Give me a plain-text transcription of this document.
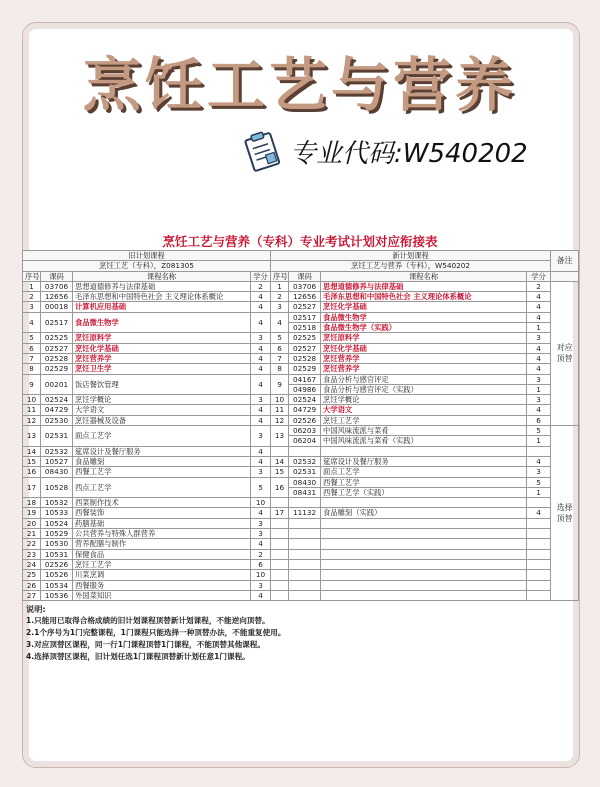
烹饪工艺与营养
专业代码:W540202
烹饪工艺与营养（专科）专业考试计划对应衔接表
旧计划课程				新计划课程				备注
烹饪工艺（专科），Z081305				烹饪工艺与营养（专科），W540202				
序号	课码	课程名称	学分	序号	课码	课程名称	学分	
1	03706	思想道德修养与法律基础	2	1	03706	思想道德修养与法律基础	2	对应顶替
2	12656	毛泽东思想和中国特色社会 主义理论体系概论	4	2	12656	毛泽东思想和中国特色社会 主义理论体系概论	4	
3	00018	计算机应用基础	4	3	02527	烹饪化学基础	4	
4	02517	食品微生物学	4	4	02517	食品微生物学	4	
					02518	食品微生物学（实践）	1	
5	02525	烹饪原料学	3	5	02525	烹饪原料学	3	
6	02527	烹饪化学基础	4	6	02527	烹饪化学基础	4	
7	02528	烹饪营养学	4	7	02528	烹饪营养学	4	
8	02529	烹饪卫生学	4	8	02529	烹饪营养学	4	
9	00201	饭店餐饮管理	4	9	04167	食品分析与感官评定	3	
					04986	食品分析与感官评定（实践）	1	
10	02524	烹饪学概论	3	10	02524	烹饪学概论	3	
11	04729	大学语文	4	11	04729	大学语文	4	
12	02530	烹饪器械及设备	4	12	02526	烹饪工艺学	6	
13	02531	面点工艺学	3	13	06203	中国风味流派与菜肴	5	选择顶替
					06204	中国风味流派与菜肴（实践）	1	
14	02532	筵席设计及餐厅服务	4					
15	10527	食品雕刻	4	14	02532	筵席设计及餐厅服务	4	
16	08430	西餐工艺学	3	15	02531	面点工艺学	3	
17	10528	西点工艺学	5	16	08430	西餐工艺学	5	
					08431	西餐工艺学（实践）	1	
18	10532	西菜制作技术	10					
19	10533	西餐装饰	4	17	11132	食品雕刻（实践）	4	
20	10524	药膳基础	3					
21	10529	公共营养与特殊人群营养	3					
22	10530	营养配膳与制作	4					
23	10531	保健食品	2					
24	02526	烹饪工艺学	6					
25	10526	川菜烹调	10					
26	10534	西餐服务	3					
27	10536	外国菜知识	4					
说明:
1.只能用已取得合格成绩的旧计划课程顶替新计划课程，不能逆向顶替。
2.1个序号为1门完整课程，1门课程只能选择一种顶替办法，不能重复使用。
3.对应顶替区课程，同一行1门课程顶替1门课程，不能顶替其他课程。
4.选择顶替区课程，旧计划任选1门课程顶替新计划任意1门课程。
